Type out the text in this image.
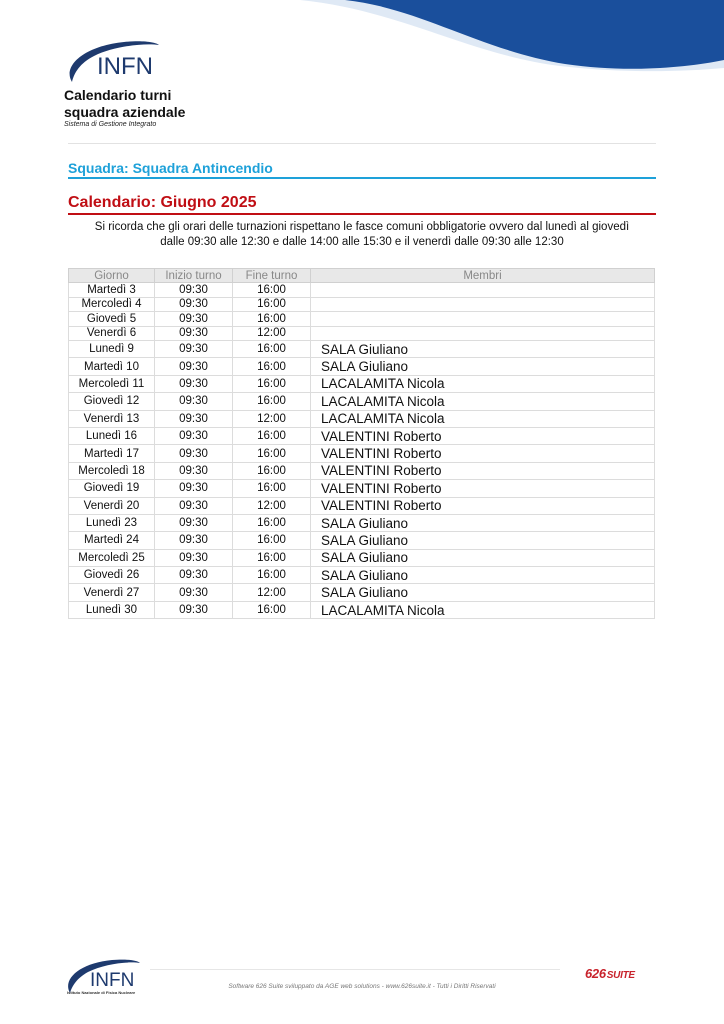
INFN
Calendario turni
squadra aziendale
Sistema di Gestione Integrato
Squadra: Squadra Antincendio
Calendario: Giugno 2025
Si ricorda che gli orari delle turnazioni rispettano le fasce comuni obbligatorie ovvero dal lunedì al giovedì
dalle 09:30 alle 12:30 e dalle 14:00 alle 15:30 e il venerdì dalle 09:30 alle 12:30
Giorno	Inizio turno	Fine turno	Membri
Martedì 3	09:30	16:00	
Mercoledì 4	09:30	16:00	
Giovedì 5	09:30	16:00	
Venerdì 6	09:30	12:00	
Lunedì 9	09:30	16:00	SALA Giuliano
Martedì 10	09:30	16:00	SALA Giuliano
Mercoledì 11	09:30	16:00	LACALAMITA Nicola
Giovedì 12	09:30	16:00	LACALAMITA Nicola
Venerdì 13	09:30	12:00	LACALAMITA Nicola
Lunedì 16	09:30	16:00	VALENTINI Roberto
Martedì 17	09:30	16:00	VALENTINI Roberto
Mercoledì 18	09:30	16:00	VALENTINI Roberto
Giovedì 19	09:30	16:00	VALENTINI Roberto
Venerdì 20	09:30	12:00	VALENTINI Roberto
Lunedì 23	09:30	16:00	SALA Giuliano
Martedì 24	09:30	16:00	SALA Giuliano
Mercoledì 25	09:30	16:00	SALA Giuliano
Giovedì 26	09:30	16:00	SALA Giuliano
Venerdì 27	09:30	12:00	SALA Giuliano
Lunedì 30	09:30	16:00	LACALAMITA Nicola
INFN
Istituto Nazionale di Fisica Nucleare
Software 626 Suite sviluppato da AGE web solutions - www.626suite.it - Tutti i Diritti Riservati
626SUITE
